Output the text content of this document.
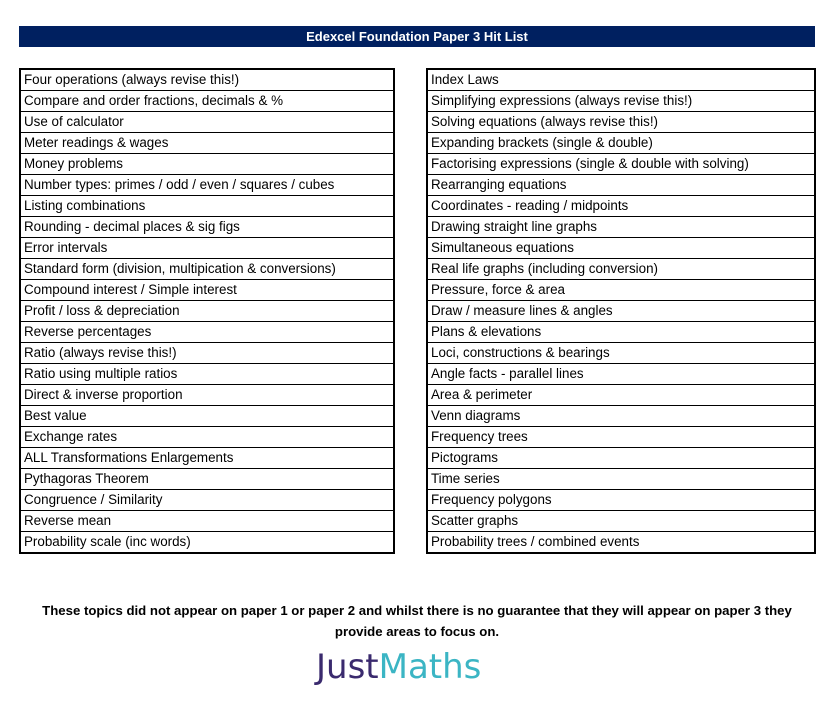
Edexcel Foundation Paper 3 Hit List
Four operations (always revise this!)
Compare and order fractions, decimals & %
Use of calculator
Meter readings & wages
Money problems
Number types: primes / odd / even / squares / cubes
Listing combinations
Rounding - decimal places & sig figs
Error intervals
Standard form (division, multipication & conversions)
Compound interest / Simple interest
Profit / loss & depreciation
Reverse percentages
Ratio (always revise this!)
Ratio using multiple ratios
Direct & inverse proportion
Best value
Exchange rates
ALL Transformations Enlargements
Pythagoras Theorem
Congruence / Similarity
Reverse mean
Probability scale (inc words)
Index Laws
Simplifying expressions (always revise this!)
Solving equations (always revise this!)
Expanding brackets (single & double)
Factorising expressions (single & double with solving)
Rearranging equations
Coordinates - reading / midpoints
Drawing straight line graphs
Simultaneous equations
Real life graphs (including conversion)
Pressure, force & area
Draw / measure lines & angles
Plans & elevations
Loci, constructions & bearings
Angle facts - parallel lines
Area & perimeter
Venn diagrams
Frequency trees
Pictograms
Time series
Frequency polygons
Scatter graphs
Probability trees / combined events
These topics did not appear on paper 1 or paper 2 and whilst there is no guarantee that they will appear on paper 3 they provide areas to focus on.
JustMaths
